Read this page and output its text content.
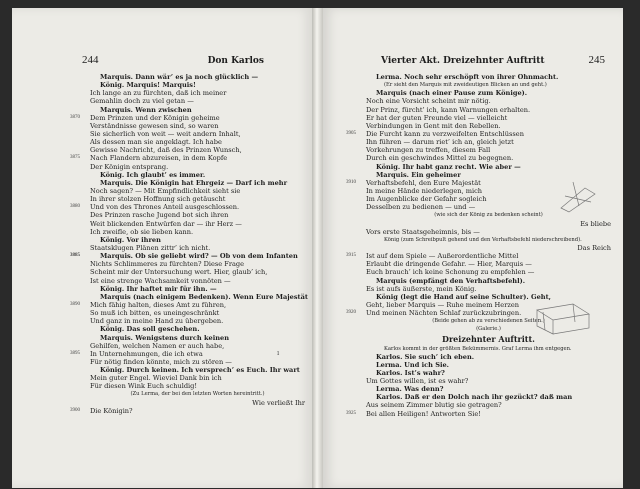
244	Don Karlos
Marquis. Dann wär’ es ja noch glücklich —
König. Marquis! Marquis!
Ich lange an zu fürchten, daß ich meiner
Gemahlin doch zu viel getan —
Marquis. Wenn zwischen
3870 Dem Prinzen und der Königin geheime
Verständnisse gewesen sind, so waren
Sie sicherlich von weit — weit andern Inhalt,
Als dessen man sie angeklagt. Ich habe
Gewisse Nachricht, daß des Prinzen Wunsch,
3875 Nach Flandern abzureisen, in dem Kopfe
Der Königin entsprang.
König. Ich glaubt’ es immer.
Marquis. Die Königin hat Ehrgeiz — Darf ich mehr
Noch sagen? — Mit Empfindlichkeit sieht sie
In ihrer stolzen Hoffnung sich getäuscht
3880 Und von des Thrones Anteil ausgeschlossen.
Des Prinzen rasche Jugend bot sich ihren
Weit blickenden Entwürfen dar — ihr Herz —
Ich zweifle, ob sie lieben kann.
König. Vor ihren
Staatsklugen Plänen zittr’ ich nicht.
3885	Marquis. Ob sie geliebt wird? — Ob von dem Infanten
Nichts Schlimmeres zu fürchten? Diese Frage
Scheint mir der Untersuchung wert. Hier, glaub’ ich,
Ist eine strenge Wachsamkeit vonnöten —
König. Ihr haftet mir für ihn. —
Marquis (nach einigem Bedenken). Wenn Eure Majestät
3890 Mich fähig halten, dieses Amt zu führen,
So muß ich bitten, es uneingeschränkt
Und ganz in meine Hand zu übergeben.
König. Das soll geschehen.
Marquis. Wenigstens durch keinen
Gehilfen, welchen Namen er auch habe,
3895 In Unternehmungen, die ich etwa
Für nötig finden könnte, mich zu stören —
König. Durch keinen. Ich versprech’ es Euch. Ihr wart
Mein guter Engel. Wieviel Dank bin ich
Für diesen Wink Euch schuldig!
(Zu Lerma, der bei den letzten Worten hereintritt.)
Wie verließt Ihr
3900 Die Königin?
ı
Vierter Akt. Dreizehnter Auftritt	245
Lerma. Noch sehr erschöpft von ihrer Ohnmacht.
(Er sieht den Marquis mit zweideutigen Blicken an und geht.)
Marquis (nach einer Pause zum Könige).
Noch eine Vorsicht scheint mir nötig.
Der Prinz, fürcht’ ich, kann Warnungen erhalten.
Er hat der guten Freunde viel — vielleicht
Verbindungen in Gent mit den Rebellen.
3905 Die Furcht kann zu verzweifelten Entschlüssen
Ihn führen — darum riet’ ich an, gleich jetzt
Vorkehrungen zu treffen, diesem Fall
Durch ein geschwindes Mittel zu begegnen.
König. Ihr habt ganz recht. Wie aber —
Marquis. Ein geheimer
3910 Verhaftsbefehl, den Eure Majestät
In meine Hände niederlegen, mich
Im Augenblicke der Gefahr sogleich
Desselben zu bedienen — und —
(wie sich der König zu bedenken scheint)
Es bliebe
Vors erste Staatsgeheimnis, bis —
König (zum Schreibpult gehend und den Verhaftsbefehl niederschreibend).
Das Reich
3915 Ist auf dem Spiele — Außerordentliche Mittel
Erlaubt die dringende Gefahr. — Hier, Marquis —
Euch brauch’ ich keine Schonung zu empfehlen —
Marquis (empfängt den Verhaftsbefehl).
Es ist aufs äußerste, mein König.
König (legt die Hand auf seine Schulter). Geht,
Geht, lieber Marquis — Ruhe meinem Herzen
3920 Und meinen Nächten Schlaf zurückzubringen.
(Beide gehen ab zu verschiedenen Seiten.)
(Galerie.)
Dreizehnter Auftritt.
Karlos kommt in der größten Bekümmernis. Graf Lerma ihm entgegen.
Karlos. Sie such’ ich eben.
Lerma. Und ich Sie.
Karlos. Ist’s wahr?
Um Gottes willen, ist es wahr?
Lerma. Was denn?
Karlos. Daß er den Dolch nach ihr gezückt? daß man
Aus seinem Zimmer blutig sie getragen?
3925 Bei allen Heiligen! Antworten Sie!
